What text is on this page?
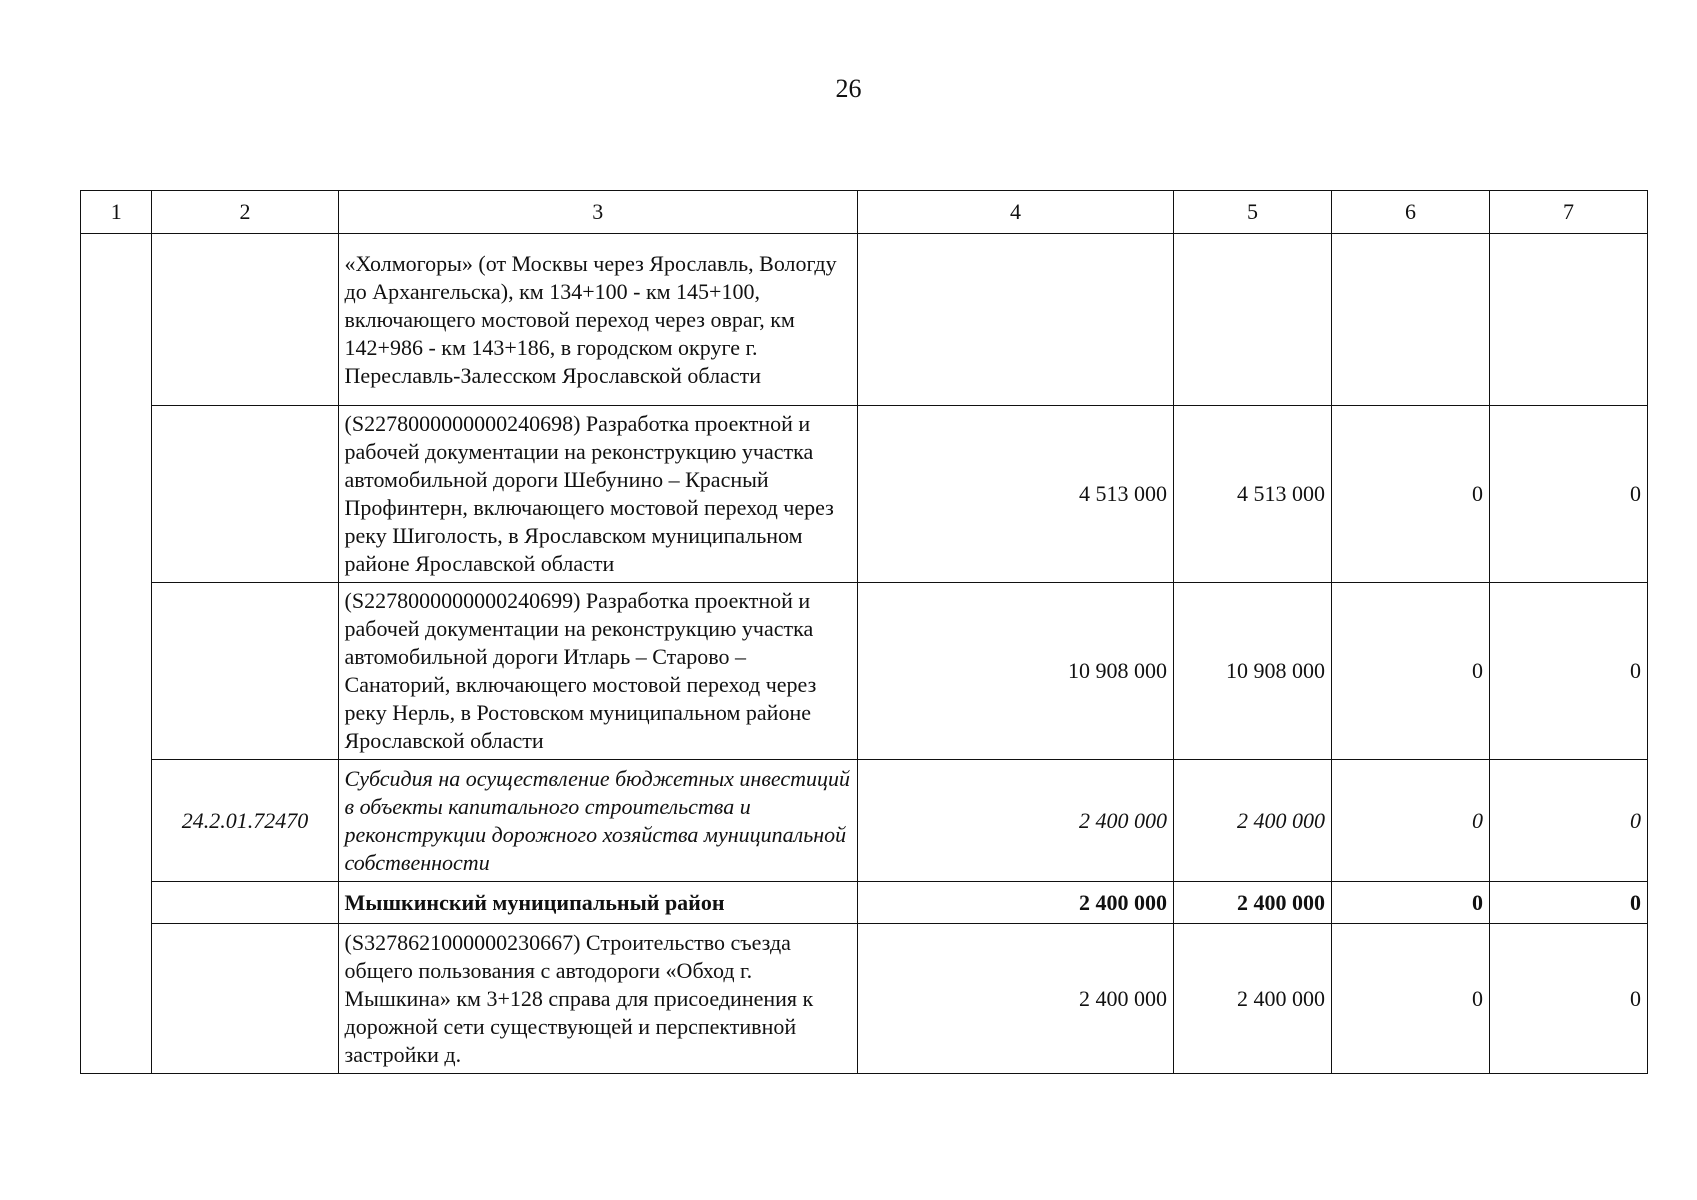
26
1	2	3	4	5	6	7
		«Холмогоры» (от Москвы через Ярославль, Вологду до Архангельска), км 134+100 - км 145+100, включающего мостовой переход через овраг, км 142+986 - км 143+186, в городском округе г. Переславль-Залесском Ярославской области				
		(S2278000000000240698) Разработка проектной и рабочей документации на реконструкцию участка автомобильной дороги Шебунино – Красный Профинтерн, включающего мостовой переход через реку Шиголость, в Ярославском муниципальном районе Ярославской области	4 513 000	4 513 000	0	0
		(S2278000000000240699) Разработка проектной и рабочей документации на реконструкцию участка автомобильной дороги Итларь – Старово – Санаторий, включающего мостовой переход через реку Нерль, в Ростовском муниципальном районе Ярославской области	10 908 000	10 908 000	0	0
	24.2.01.72470	Субсидия на осуществление бюджетных инвестиций в объекты капитального строительства и реконструкции дорожного хозяйства муниципальной собственности	2 400 000	2 400 000	0	0
		Мышкинский муниципальный район	2 400 000	2 400 000	0	0
		(S3278621000000230667) Строительство съезда общего пользования с автодороги «Обход г. Мышкина» км 3+128 справа для присоединения к дорожной сети существующей и перспективной застройки д.	2 400 000	2 400 000	0	0
